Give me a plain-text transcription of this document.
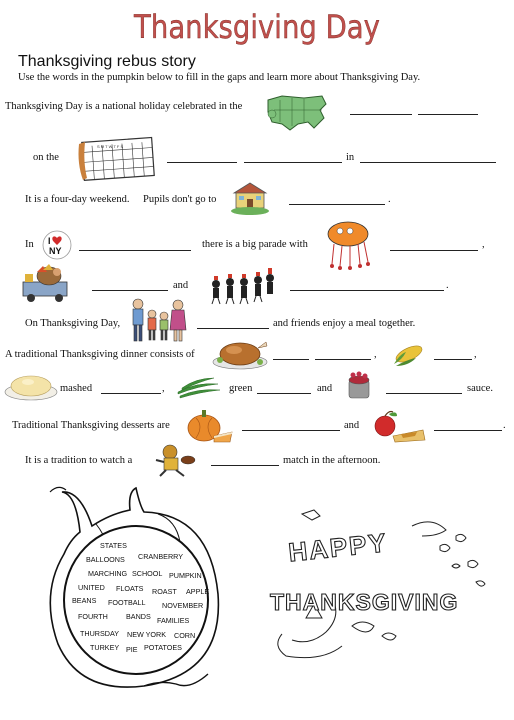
Thanksgiving Day
Thanksgiving rebus story
Use the words in the pumpkin below to fill in the gaps and learn more about Thanksgiving Day.
Thanksgiving Day is a national holiday celebrated in the
on the
S M T W T F S
in
It is a four-day weekend. Pupils don't go to	.
In I
NY
there is a big parade with	,
and	.
On Thanksgiving Day,	and friends enjoy a meal together.
A traditional Thanksgiving dinner consists of	,	,
mashed	,	green	and	sauce.
Traditional Thanksgiving desserts are	and	.
It is a tradition to watch a	match in the afternoon.
STATES
BALLOONS CRANBERRY
MARCHING SCHOOL PUMPKIN
UNITED FLOATS ROAST APPLE
BEANS FOOTBALL NOVEMBER
FOURTH	BANDS FAMILIES
THURSDAY NEW YORK CORN
TURKEY PIE POTATOES
HAPPY
THANKSGIVING
